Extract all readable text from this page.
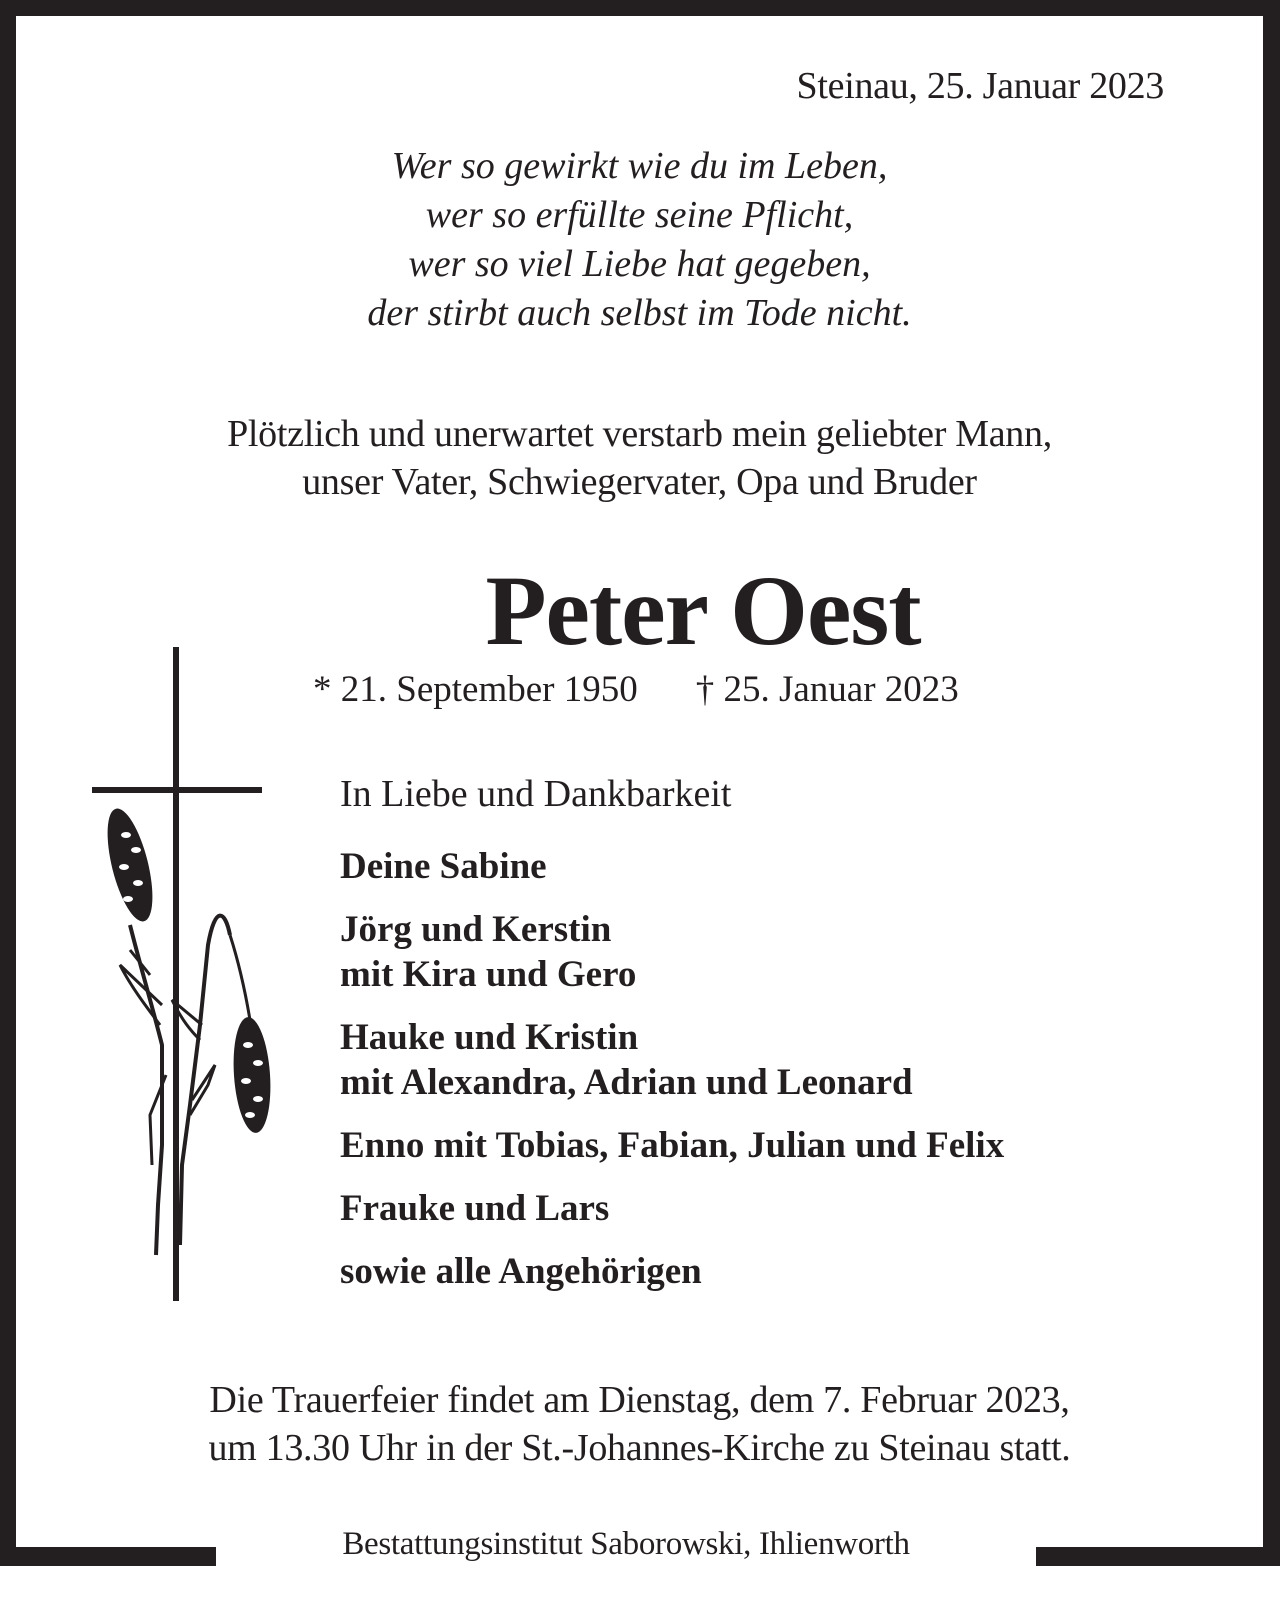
Steinau, 25. Januar 2023
Wer so gewirkt wie du im Leben,
wer so erfüllte seine Pflicht,
wer so viel Liebe hat gegeben,
der stirbt auch selbst im Tode nicht.
Plötzlich und unerwartet verstarb mein geliebter Mann,
unser Vater, Schwiegervater, Opa und Bruder
Peter Oest
* 21. September 1950 † 25. Januar 2023
In Liebe und Dankbarkeit
Deine Sabine
Jörg und Kerstin
mit Kira und Gero
Hauke und Kristin
mit Alexandra, Adrian und Leonard
Enno mit Tobias, Fabian, Julian und Felix
Frauke und Lars
sowie alle Angehörigen
Die Trauerfeier findet am Dienstag, dem 7. Februar 2023,
um 13.30 Uhr in der St.-Johannes-Kirche zu Steinau statt.
Bestattungsinstitut Saborowski, Ihlienworth
